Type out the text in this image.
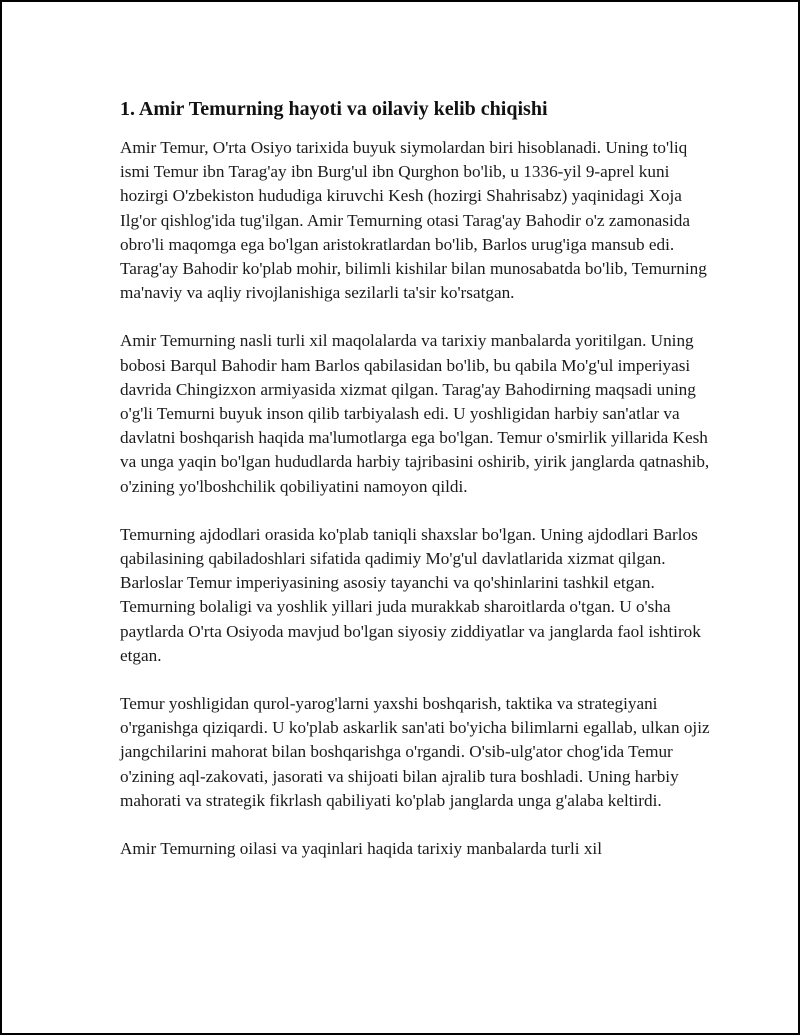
1. Amir Temurning hayoti va oilaviy kelib chiqishi

Amir Temur, O'rta Osiyo tarixida buyuk siymolardan biri hisoblanadi. Uning to'liq ismi Temur ibn Tarag'ay ibn Burg'ul ibn Qurghon bo'lib, u 1336-yil 9-aprel kuni hozirgi O'zbekiston hududiga kiruvchi Kesh (hozirgi Shahrisabz) yaqinidagi Xoja Ilg'or qishlog'ida tug'ilgan. Amir Temurning otasi Tarag'ay Bahodir o'z zamonasida obro'li maqomga ega bo'lgan aristokratlardan bo'lib, Barlos urug'iga mansub edi. Tarag'ay Bahodir ko'plab mohir, bilimli kishilar bilan munosabatda bo'lib, Temurning ma'naviy va aqliy rivojlanishiga sezilarli ta'sir ko'rsatgan.

Amir Temurning nasli turli xil maqolalarda va tarixiy manbalarda yoritilgan. Uning bobosi Barqul Bahodir ham Barlos qabilasidan bo'lib, bu qabila Mo'g'ul imperiyasi davrida Chingizxon armiyasida xizmat qilgan. Tarag'ay Bahodirning maqsadi uning o'g'li Temurni buyuk inson qilib tarbiyalash edi. U yoshligidan harbiy san'atlar va davlatni boshqarish haqida ma'lumotlarga ega bo'lgan. Temur o'smirlik yillarida Kesh va unga yaqin bo'lgan hududlarda harbiy tajribasini oshirib, yirik janglarda qatnashib, o'zining yo'lboshchilik qobiliyatini namoyon qildi.

Temurning ajdodlari orasida ko'plab taniqli shaxslar bo'lgan. Uning ajdodlari Barlos qabilasining qabiladoshlari sifatida qadimiy Mo'g'ul davlatlarida xizmat qilgan. Barloslar Temur imperiyasining asosiy tayanchi va qo'shinlarini tashkil etgan. Temurning bolaligi va yoshlik yillari juda murakkab sharoitlarda o'tgan. U o'sha paytlarda O'rta Osiyoda mavjud bo'lgan siyosiy ziddiyatlar va janglarda faol ishtirok etgan.

Temur yoshligidan qurol-yarog'larni yaxshi boshqarish, taktika va strategiyani o'rganishga qiziqardi. U ko'plab askarlik san'ati bo'yicha bilimlarni egallab, ulkan ojiz jangchilarini mahorat bilan boshqarishga o'rgandi. O'sib-ulg'ator chog'ida Temur o'zining aql-zakovati, jasorati va shijoati bilan ajralib tura boshladi. Uning harbiy mahorati va strategik fikrlash qabiliyati ko'plab janglarda unga g'alaba keltirdi.

Amir Temurning oilasi va yaqinlari haqida tarixiy manbalarda turli xil
